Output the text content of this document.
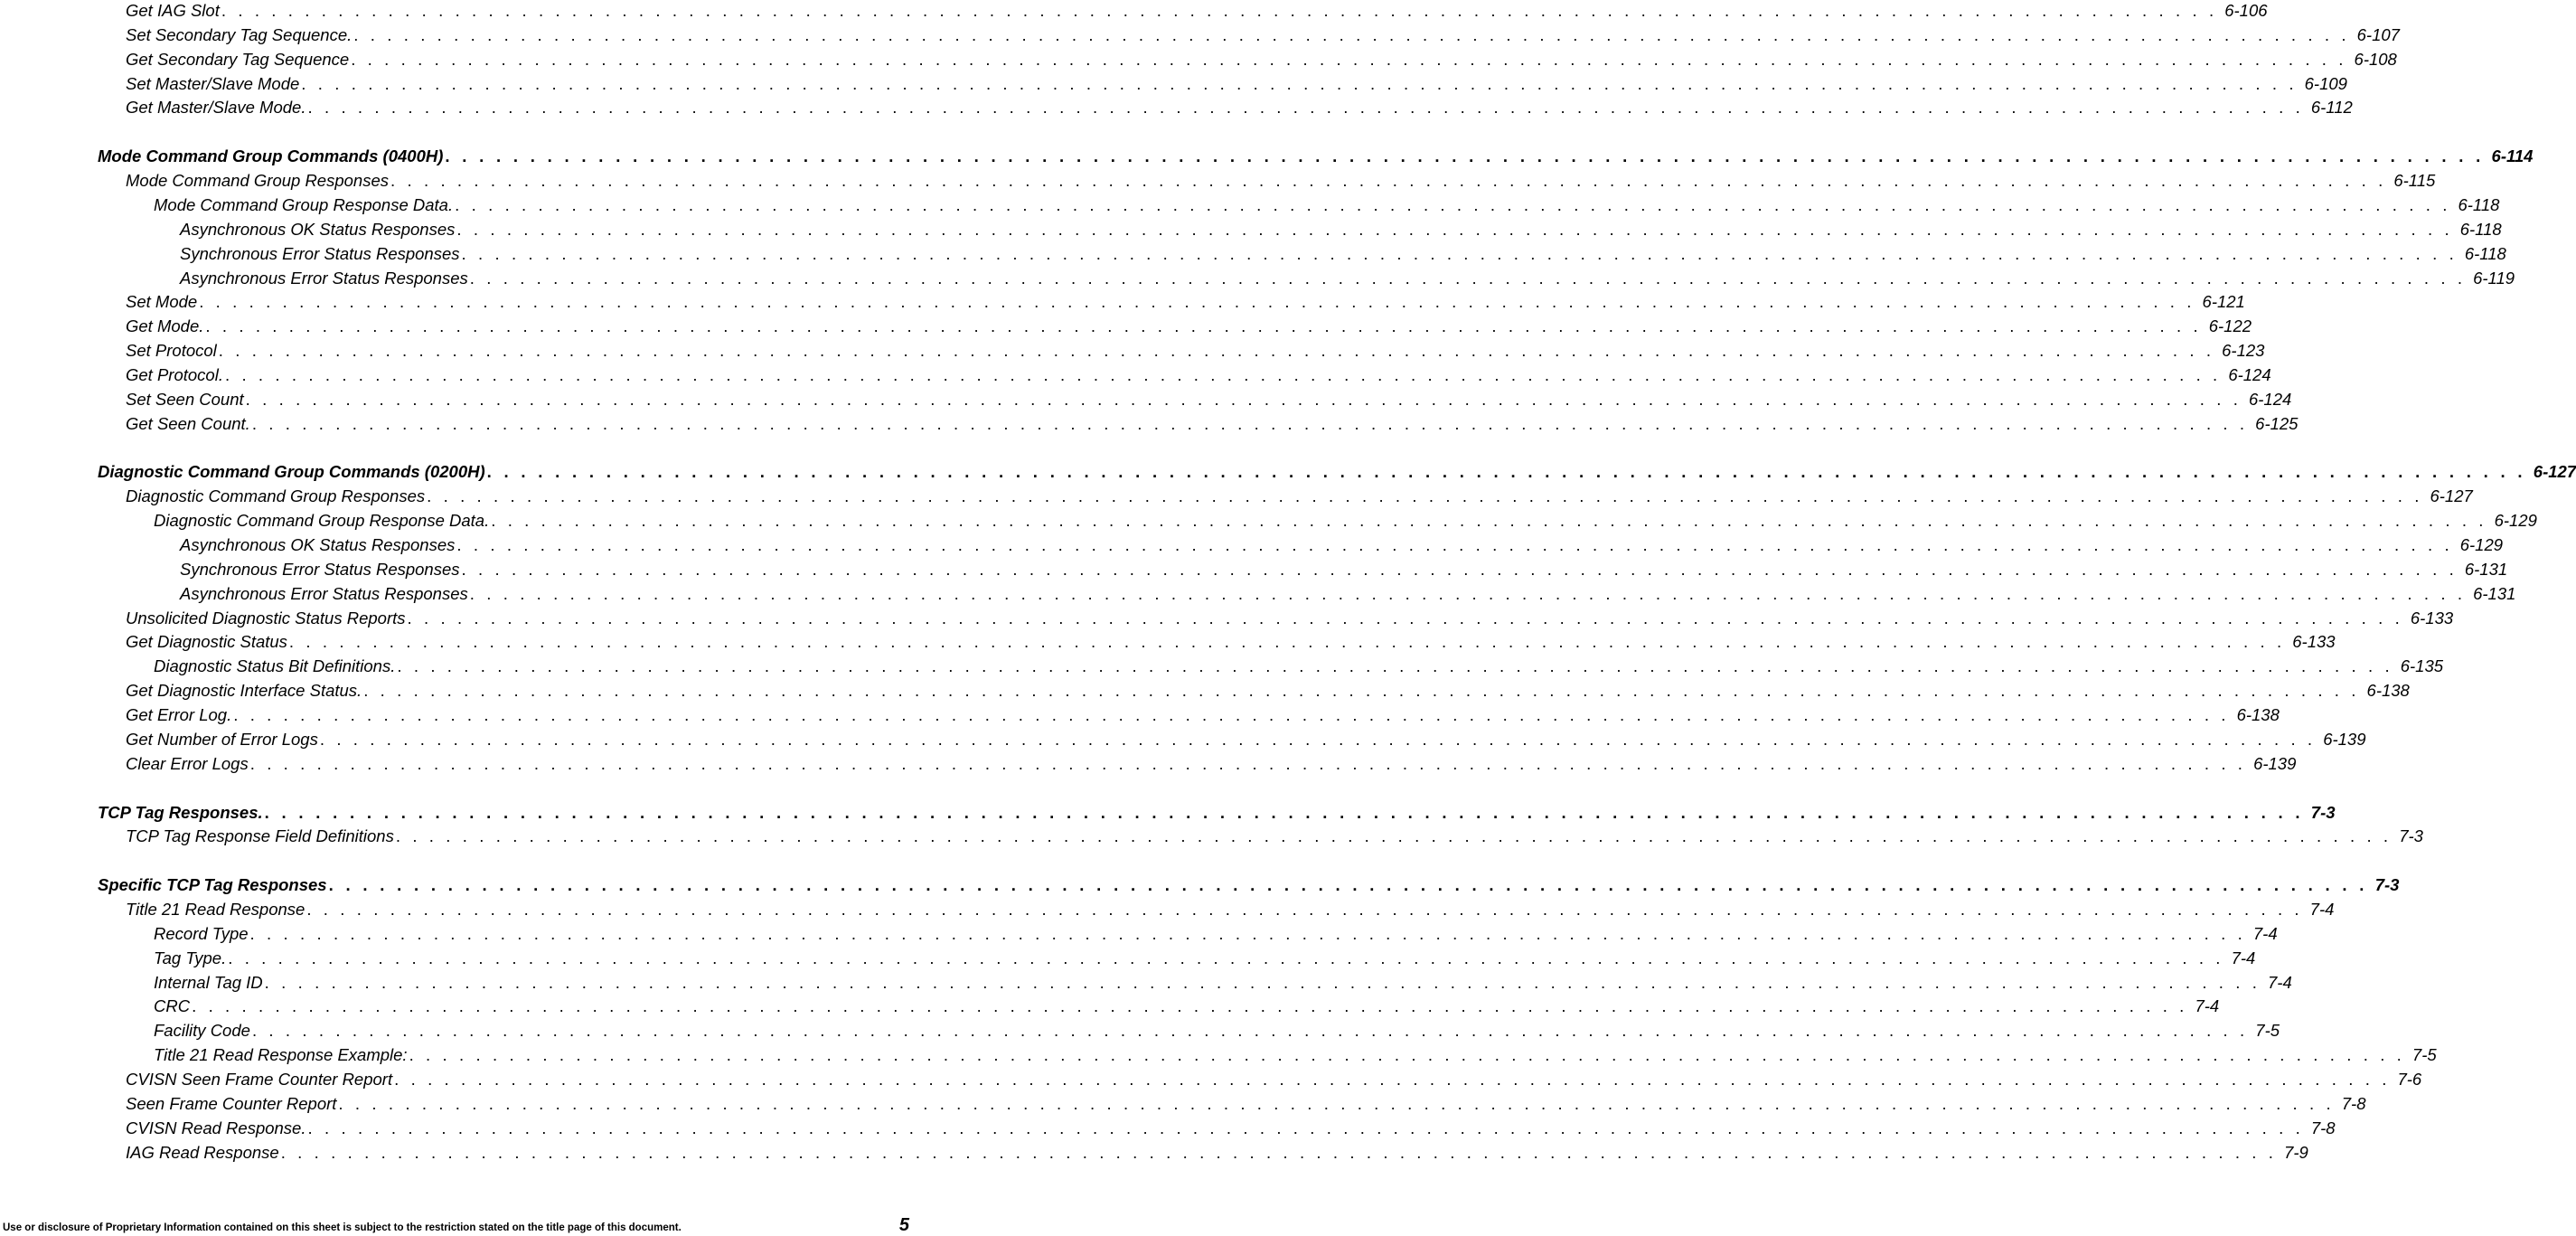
Get IAG Slot . . . . . . . . . . . . . . . . . . . . . . . . . . . . . . . . . . . . . . . . . . . . . . . . . . . . . . . . . . . . . . . . . . . . . . . . . . . . . . . . . . . . . . . . . . . . . . . . . . . . . . . . . . . . . . . . . . . . . . . . 6-106
Set Secondary Tag Sequence. . . . . . . . . . . . . . . . . . . . . . . . . . . . . . . . . . . . . . . . . . . . . . . . . . . . . . . . . . . . . . . . . . . . . . . . . . . . . . . . . . . . . . . . . . . . . . . . . . . . . . . . . . . . . . . . . . . . . . . . . 6-107
Get Secondary Tag Sequence . . . . . . . . . . . . . . . . . . . . . . . . . . . . . . . . . . . . . . . . . . . . . . . . . . . . . . . . . . . . . . . . . . . . . . . . . . . . . . . . . . . . . . . . . . . . . . . . . . . . . . . . . . . . . . . . . . . . . . . . 6-108
Set Master/Slave Mode . . . . . . . . . . . . . . . . . . . . . . . . . . . . . . . . . . . . . . . . . . . . . . . . . . . . . . . . . . . . . . . . . . . . . . . . . . . . . . . . . . . . . . . . . . . . . . . . . . . . . . . . . . . . . . . . . . . . . . . . 6-109
Get Master/Slave Mode. . . . . . . . . . . . . . . . . . . . . . . . . . . . . . . . . . . . . . . . . . . . . . . . . . . . . . . . . . . . . . . . . . . . . . . . . . . . . . . . . . . . . . . . . . . . . . . . . . . . . . . . . . . . . . . . . . . . . . . . . 6-112
Mode Command Group Commands (0400H) . . . . . . . . . . . . . . . . . . . . . . . . . . . . . . . . . . . . . . . . . . . . . . . . . . . . . . . . . . . . . . . . . . . . . . . . . . . . . . . . . . . . . . . . . . . . . . . . . . . . . . . . . . . . . . . . . . . . . . . . 6-114
Mode Command Group Responses . . . . . . . . . . . . . . . . . . . . . . . . . . . . . . . . . . . . . . . . . . . . . . . . . . . . . . . . . . . . . . . . . . . . . . . . . . . . . . . . . . . . . . . . . . . . . . . . . . . . . . . . . . . . . . . . . . . . . . . . 6-115
Mode Command Group Response Data. . . . . . . . . . . . . . . . . . . . . . . . . . . . . . . . . . . . . . . . . . . . . . . . . . . . . . . . . . . . . . . . . . . . . . . . . . . . . . . . . . . . . . . . . . . . . . . . . . . . . . . . . . . . . . . . . . . . . . . . . 6-118
Asynchronous OK Status Responses . . . . . . . . . . . . . . . . . . . . . . . . . . . . . . . . . . . . . . . . . . . . . . . . . . . . . . . . . . . . . . . . . . . . . . . . . . . . . . . . . . . . . . . . . . . . . . . . . . . . . . . . . . . . . . . . . . . . . . . . 6-118
Synchronous Error Status Responses . . . . . . . . . . . . . . . . . . . . . . . . . . . . . . . . . . . . . . . . . . . . . . . . . . . . . . . . . . . . . . . . . . . . . . . . . . . . . . . . . . . . . . . . . . . . . . . . . . . . . . . . . . . . . . . . . . . . . . . . 6-118
Asynchronous Error Status Responses . . . . . . . . . . . . . . . . . . . . . . . . . . . . . . . . . . . . . . . . . . . . . . . . . . . . . . . . . . . . . . . . . . . . . . . . . . . . . . . . . . . . . . . . . . . . . . . . . . . . . . . . . . . . . . . . . . . . . . . . 6-119
Set Mode . . . . . . . . . . . . . . . . . . . . . . . . . . . . . . . . . . . . . . . . . . . . . . . . . . . . . . . . . . . . . . . . . . . . . . . . . . . . . . . . . . . . . . . . . . . . . . . . . . . . . . . . . . . . . . . . . . . . . . . . 6-121
Get Mode. . . . . . . . . . . . . . . . . . . . . . . . . . . . . . . . . . . . . . . . . . . . . . . . . . . . . . . . . . . . . . . . . . . . . . . . . . . . . . . . . . . . . . . . . . . . . . . . . . . . . . . . . . . . . . . . . . . . . . . . . 6-122
Set Protocol . . . . . . . . . . . . . . . . . . . . . . . . . . . . . . . . . . . . . . . . . . . . . . . . . . . . . . . . . . . . . . . . . . . . . . . . . . . . . . . . . . . . . . . . . . . . . . . . . . . . . . . . . . . . . . . . . . . . . . . . 6-123
Get Protocol. . . . . . . . . . . . . . . . . . . . . . . . . . . . . . . . . . . . . . . . . . . . . . . . . . . . . . . . . . . . . . . . . . . . . . . . . . . . . . . . . . . . . . . . . . . . . . . . . . . . . . . . . . . . . . . . . . . . . . . . . 6-124
Set Seen Count . . . . . . . . . . . . . . . . . . . . . . . . . . . . . . . . . . . . . . . . . . . . . . . . . . . . . . . . . . . . . . . . . . . . . . . . . . . . . . . . . . . . . . . . . . . . . . . . . . . . . . . . . . . . . . . . . . . . . . . . 6-124
Get Seen Count. . . . . . . . . . . . . . . . . . . . . . . . . . . . . . . . . . . . . . . . . . . . . . . . . . . . . . . . . . . . . . . . . . . . . . . . . . . . . . . . . . . . . . . . . . . . . . . . . . . . . . . . . . . . . . . . . . . . . . . . . 6-125
Diagnostic Command Group Commands (0200H) . . . . . . . . . . . . . . . . . . . . . . . . . . . . . . . . . . . . . . . . . . . . . . . . . . . . . . . . . . . . . . . . . . . . . . . . . . . . . . . . . . . . . . . . . . . . . . . . . . . . . . . . . . . . . . . . . . . . . . . . 6-127
Diagnostic Command Group Responses . . . . . . . . . . . . . . . . . . . . . . . . . . . . . . . . . . . . . . . . . . . . . . . . . . . . . . . . . . . . . . . . . . . . . . . . . . . . . . . . . . . . . . . . . . . . . . . . . . . . . . . . . . . . . . . . . . . . . . . . 6-127
Diagnostic Command Group Response Data. . . . . . . . . . . . . . . . . . . . . . . . . . . . . . . . . . . . . . . . . . . . . . . . . . . . . . . . . . . . . . . . . . . . . . . . . . . . . . . . . . . . . . . . . . . . . . . . . . . . . . . . . . . . . . . . . . . . . . . . . 6-129
Asynchronous OK Status Responses . . . . . . . . . . . . . . . . . . . . . . . . . . . . . . . . . . . . . . . . . . . . . . . . . . . . . . . . . . . . . . . . . . . . . . . . . . . . . . . . . . . . . . . . . . . . . . . . . . . . . . . . . . . . . . . . . . . . . . . . 6-129
Synchronous Error Status Responses . . . . . . . . . . . . . . . . . . . . . . . . . . . . . . . . . . . . . . . . . . . . . . . . . . . . . . . . . . . . . . . . . . . . . . . . . . . . . . . . . . . . . . . . . . . . . . . . . . . . . . . . . . . . . . . . . . . . . . . . 6-131
Asynchronous Error Status Responses . . . . . . . . . . . . . . . . . . . . . . . . . . . . . . . . . . . . . . . . . . . . . . . . . . . . . . . . . . . . . . . . . . . . . . . . . . . . . . . . . . . . . . . . . . . . . . . . . . . . . . . . . . . . . . . . . . . . . . . . 6-131
Unsolicited Diagnostic Status Reports . . . . . . . . . . . . . . . . . . . . . . . . . . . . . . . . . . . . . . . . . . . . . . . . . . . . . . . . . . . . . . . . . . . . . . . . . . . . . . . . . . . . . . . . . . . . . . . . . . . . . . . . . . . . . . . . . . . . . . . . 6-133
Get Diagnostic Status . . . . . . . . . . . . . . . . . . . . . . . . . . . . . . . . . . . . . . . . . . . . . . . . . . . . . . . . . . . . . . . . . . . . . . . . . . . . . . . . . . . . . . . . . . . . . . . . . . . . . . . . . . . . . . . . . . . . . . . . 6-133
Diagnostic Status Bit Definitions. . . . . . . . . . . . . . . . . . . . . . . . . . . . . . . . . . . . . . . . . . . . . . . . . . . . . . . . . . . . . . . . . . . . . . . . . . . . . . . . . . . . . . . . . . . . . . . . . . . . . . . . . . . . . . . . . . . . . . . . . 6-135
Get Diagnostic Interface Status. . . . . . . . . . . . . . . . . . . . . . . . . . . . . . . . . . . . . . . . . . . . . . . . . . . . . . . . . . . . . . . . . . . . . . . . . . . . . . . . . . . . . . . . . . . . . . . . . . . . . . . . . . . . . . . . . . . . . . . . . 6-138
Get Error Log. . . . . . . . . . . . . . . . . . . . . . . . . . . . . . . . . . . . . . . . . . . . . . . . . . . . . . . . . . . . . . . . . . . . . . . . . . . . . . . . . . . . . . . . . . . . . . . . . . . . . . . . . . . . . . . . . . . . . . . . . 6-138
Get Number of Error Logs . . . . . . . . . . . . . . . . . . . . . . . . . . . . . . . . . . . . . . . . . . . . . . . . . . . . . . . . . . . . . . . . . . . . . . . . . . . . . . . . . . . . . . . . . . . . . . . . . . . . . . . . . . . . . . . . . . . . . . . . 6-139
Clear Error Logs . . . . . . . . . . . . . . . . . . . . . . . . . . . . . . . . . . . . . . . . . . . . . . . . . . . . . . . . . . . . . . . . . . . . . . . . . . . . . . . . . . . . . . . . . . . . . . . . . . . . . . . . . . . . . . . . . . . . . . . . 6-139
TCP Tag Responses. . . . . . . . . . . . . . . . . . . . . . . . . . . . . . . . . . . . . . . . . . . . . . . . . . . . . . . . . . . . . . . . . . . . . . . . . . . . . . . . . . . . . . . . . . . . . . . . . . . . . . . . . . . . . . . . . . . . . . . . . 7-3
TCP Tag Response Field Definitions . . . . . . . . . . . . . . . . . . . . . . . . . . . . . . . . . . . . . . . . . . . . . . . . . . . . . . . . . . . . . . . . . . . . . . . . . . . . . . . . . . . . . . . . . . . . . . . . . . . . . . . . . . . . . . . . . . . . . . . . 7-3
Specific TCP Tag Responses . . . . . . . . . . . . . . . . . . . . . . . . . . . . . . . . . . . . . . . . . . . . . . . . . . . . . . . . . . . . . . . . . . . . . . . . . . . . . . . . . . . . . . . . . . . . . . . . . . . . . . . . . . . . . . . . . . . . . . . . 7-3
Title 21 Read Response . . . . . . . . . . . . . . . . . . . . . . . . . . . . . . . . . . . . . . . . . . . . . . . . . . . . . . . . . . . . . . . . . . . . . . . . . . . . . . . . . . . . . . . . . . . . . . . . . . . . . . . . . . . . . . . . . . . . . . . . 7-4
Record Type . . . . . . . . . . . . . . . . . . . . . . . . . . . . . . . . . . . . . . . . . . . . . . . . . . . . . . . . . . . . . . . . . . . . . . . . . . . . . . . . . . . . . . . . . . . . . . . . . . . . . . . . . . . . . . . . . . . . . . . . 7-4
Tag Type. . . . . . . . . . . . . . . . . . . . . . . . . . . . . . . . . . . . . . . . . . . . . . . . . . . . . . . . . . . . . . . . . . . . . . . . . . . . . . . . . . . . . . . . . . . . . . . . . . . . . . . . . . . . . . . . . . . . . . . . . 7-4
Internal Tag ID . . . . . . . . . . . . . . . . . . . . . . . . . . . . . . . . . . . . . . . . . . . . . . . . . . . . . . . . . . . . . . . . . . . . . . . . . . . . . . . . . . . . . . . . . . . . . . . . . . . . . . . . . . . . . . . . . . . . . . . . 7-4
CRC . . . . . . . . . . . . . . . . . . . . . . . . . . . . . . . . . . . . . . . . . . . . . . . . . . . . . . . . . . . . . . . . . . . . . . . . . . . . . . . . . . . . . . . . . . . . . . . . . . . . . . . . . . . . . . . . . . . . . . . . 7-4
Facility Code . . . . . . . . . . . . . . . . . . . . . . . . . . . . . . . . . . . . . . . . . . . . . . . . . . . . . . . . . . . . . . . . . . . . . . . . . . . . . . . . . . . . . . . . . . . . . . . . . . . . . . . . . . . . . . . . . . . . . . . . 7-5
Title 21 Read Response Example: . . . . . . . . . . . . . . . . . . . . . . . . . . . . . . . . . . . . . . . . . . . . . . . . . . . . . . . . . . . . . . . . . . . . . . . . . . . . . . . . . . . . . . . . . . . . . . . . . . . . . . . . . . . . . . . . . . . . . . . . 7-5
CVISN Seen Frame Counter Report . . . . . . . . . . . . . . . . . . . . . . . . . . . . . . . . . . . . . . . . . . . . . . . . . . . . . . . . . . . . . . . . . . . . . . . . . . . . . . . . . . . . . . . . . . . . . . . . . . . . . . . . . . . . . . . . . . . . . . . . 7-6
Seen Frame Counter Report . . . . . . . . . . . . . . . . . . . . . . . . . . . . . . . . . . . . . . . . . . . . . . . . . . . . . . . . . . . . . . . . . . . . . . . . . . . . . . . . . . . . . . . . . . . . . . . . . . . . . . . . . . . . . . . . . . . . . . . . 7-8
CVISN Read Response. . . . . . . . . . . . . . . . . . . . . . . . . . . . . . . . . . . . . . . . . . . . . . . . . . . . . . . . . . . . . . . . . . . . . . . . . . . . . . . . . . . . . . . . . . . . . . . . . . . . . . . . . . . . . . . . . . . . . . . . . 7-8
IAG Read Response . . . . . . . . . . . . . . . . . . . . . . . . . . . . . . . . . . . . . . . . . . . . . . . . . . . . . . . . . . . . . . . . . . . . . . . . . . . . . . . . . . . . . . . . . . . . . . . . . . . . . . . . . . . . . . . . . . . . . . . . 7-9
Use or disclosure of Proprietary Information contained on this sheet is subject to the restriction stated on the title page of this document.	5
